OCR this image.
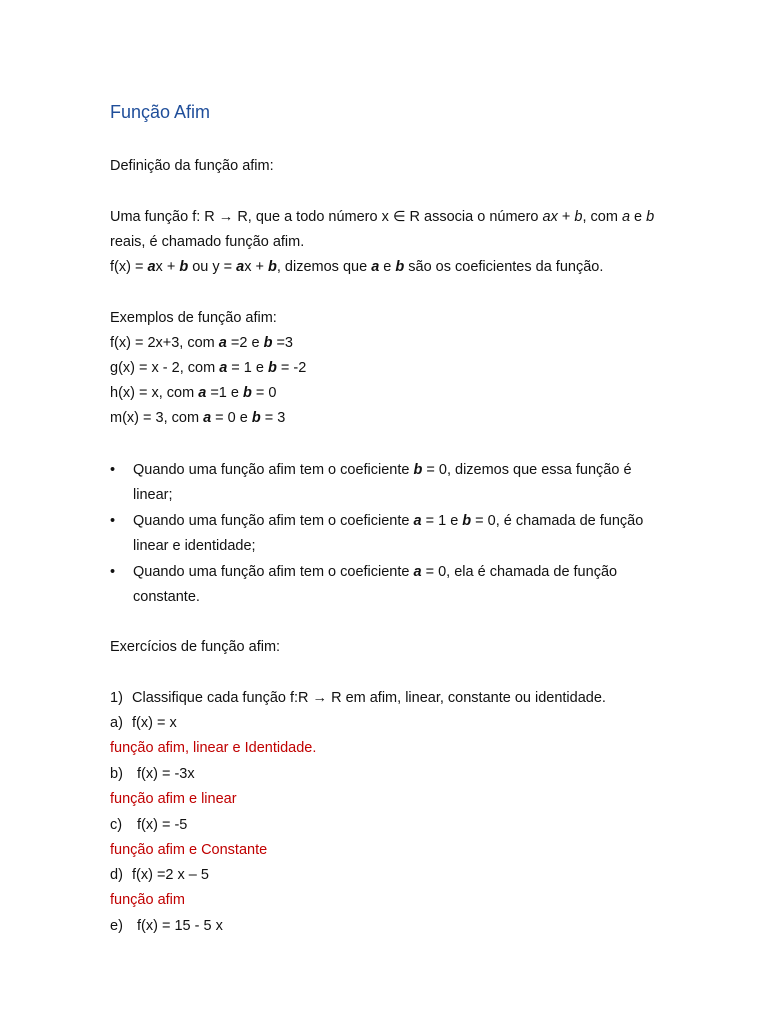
Função Afim
Definição da função afim:
Uma função f: R → R, que a todo número x ∈ R associa o número ax + b, com a e b
reais, é chamado função afim.
f(x) = ax + b ou y = ax + b, dizemos que a e b são os coeficientes da função.
Exemplos de função afim:
f(x) = 2x+3, com a =2 e b =3
g(x) = x - 2, com a = 1 e b = -2
h(x) = x, com a =1 e b = 0
m(x) = 3, com a = 0 e b = 3
• Quando uma função afim tem o coeficiente b = 0, dizemos que essa função é
linear;
• Quando uma função afim tem o coeficiente a = 1 e b = 0, é chamada de função
linear e identidade;
• Quando uma função afim tem o coeficiente a = 0, ela é chamada de função
constante.
Exercícios de função afim:
1) Classifique cada função f:R → R em afim, linear, constante ou identidade.
a) f(x) = x
função afim, linear e Identidade.
b) f(x) = -3x
função afim e linear
c) f(x) = -5
função afim e Constante
d) f(x) =2 x – 5
função afim
e) f(x) = 15 - 5 x
